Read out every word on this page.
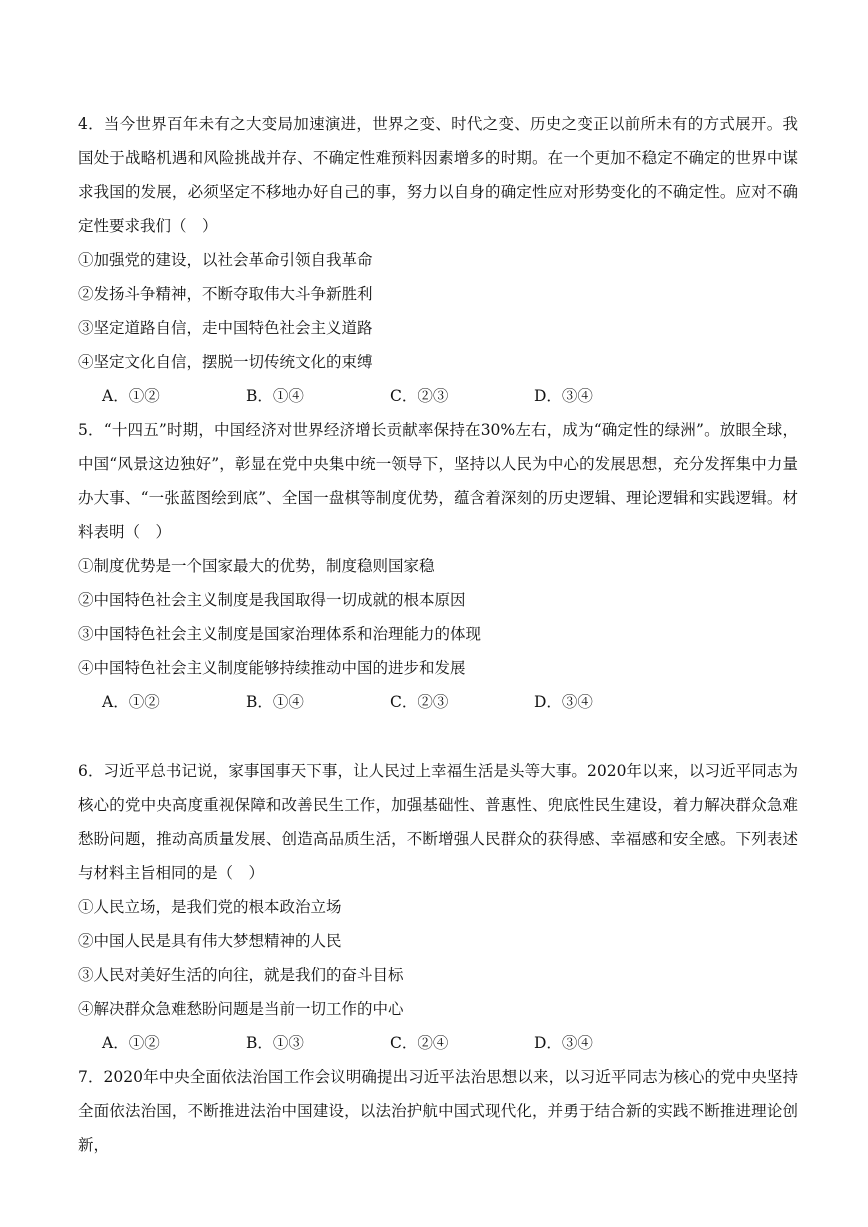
4．当今世界百年未有之大变局加速演进，世界之变、时代之变、历史之变正以前所未有的方式展开。我国处于战略机遇和风险挑战并存、不确定性难预料因素增多的时期。在一个更加不稳定不确定的世界中谋求我国的发展，必须坚定不移地办好自己的事，努力以自身的确定性应对形势变化的不确定性。应对不确定性要求我们（　）

①加强党的建设，以社会革命引领自我革命

②发扬斗争精神，不断夺取伟大斗争新胜利

③坚定道路自信，走中国特色社会主义道路

④坚定文化自信，摆脱一切传统文化的束缚

A．①②	B．①④	C．②③	D．③④

5．“十四五”时期，中国经济对世界经济增长贡献率保持在30%左右，成为“确定性的绿洲”。放眼全球，中国“风景这边独好”，彰显在党中央集中统一领导下，坚持以人民为中心的发展思想，充分发挥集中力量办大事、“一张蓝图绘到底”、全国一盘棋等制度优势，蕴含着深刻的历史逻辑、理论逻辑和实践逻辑。材料表明（　）

①制度优势是一个国家最大的优势，制度稳则国家稳

②中国特色社会主义制度是我国取得一切成就的根本原因

③中国特色社会主义制度是国家治理体系和治理能力的体现

④中国特色社会主义制度能够持续推动中国的进步和发展

A．①②	B．①④	C．②③	D．③④

6．习近平总书记说，家事国事天下事，让人民过上幸福生活是头等大事。2020年以来，以习近平同志为核心的党中央高度重视保障和改善民生工作，加强基础性、普惠性、兜底性民生建设，着力解决群众急难愁盼问题，推动高质量发展、创造高品质生活，不断增强人民群众的获得感、幸福感和安全感。下列表述与材料主旨相同的是（　）

①人民立场，是我们党的根本政治立场

②中国人民是具有伟大梦想精神的人民

③人民对美好生活的向往，就是我们的奋斗目标

④解决群众急难愁盼问题是当前一切工作的中心

A．①②	B．①③	C．②④	D．③④

7．2020年中央全面依法治国工作会议明确提出习近平法治思想以来，以习近平同志为核心的党中央坚持全面依法治国，不断推进法治中国建设，以法治护航中国式现代化，并勇于结合新的实践不断推进理论创新，
